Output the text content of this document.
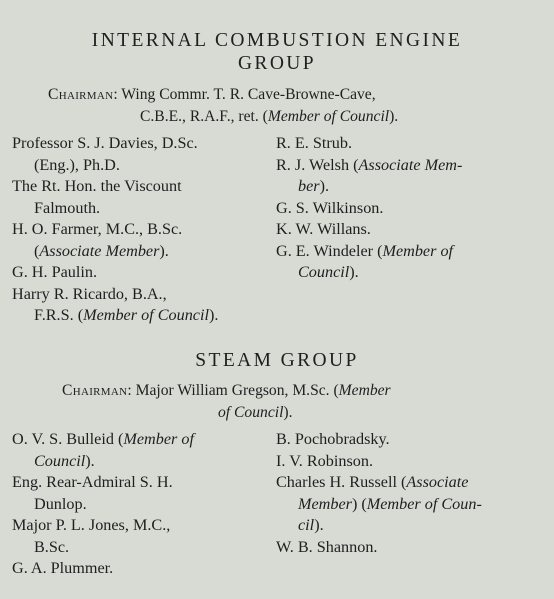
INTERNAL COMBUSTION ENGINE
GROUP
Chairman: Wing Commr. T. R. Cave-Browne-Cave,
C.B.E., R.A.F., ret. (Member of Council).

Professor S. J. Davies, D.Sc.
(Eng.), Ph.D.

The Rt. Hon. the Viscount
Falmouth.

H. O. Farmer, M.C., B.Sc.
(Associate Member).

G. H. Paulin.

Harry R. Ricardo, B.A.,
F.R.S. (Member of Council).

R. E. Strub.

R. J. Welsh (Associate Mem-
ber).

G. S. Wilkinson.

K. W. Willans.

G. E. Windeler (Member of
Council).

STEAM GROUP
Chairman: Major William Gregson, M.Sc. (Member
of Council).

O. V. S. Bulleid (Member of
Council).

Eng. Rear-Admiral S. H.
Dunlop.

Major P. L. Jones, M.C.,
B.Sc.

G. A. Plummer.

B. Pochobradsky.

I. V. Robinson.

Charles H. Russell (Associate
Member) (Member of Coun-
cil).

W. B. Shannon.
